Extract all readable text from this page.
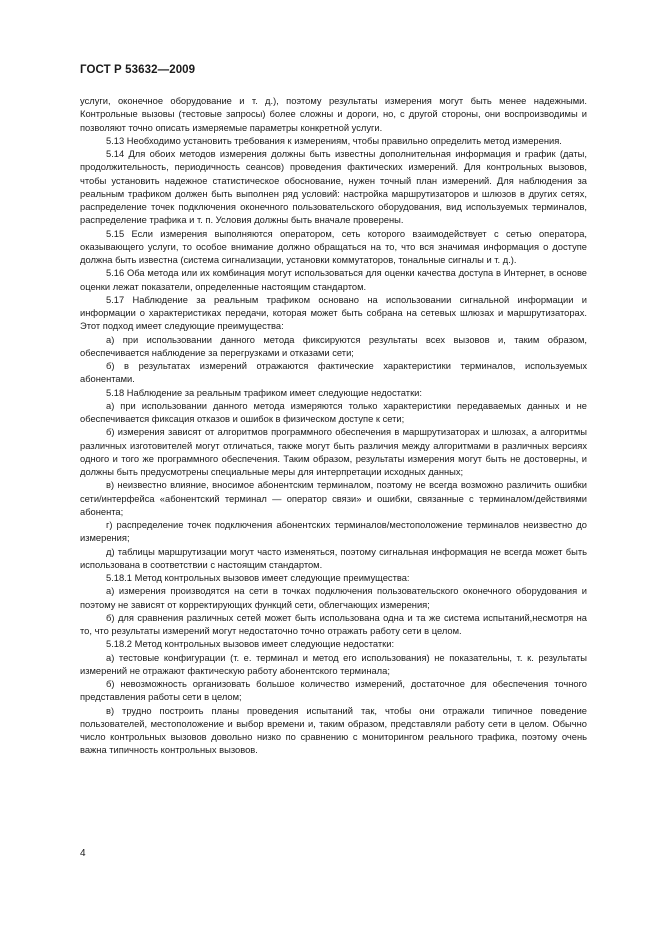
ГОСТ Р 53632—2009

услуги, оконечное оборудование и т. д.), поэтому результаты измерения могут быть менее надежными. Контрольные вызовы (тестовые запросы) более сложны и дороги, но, с другой стороны, они воспроизводимы и позволяют точно описать измеряемые параметры конкретной услуги.

5.13 Необходимо установить требования к измерениям, чтобы правильно определить метод измерения.

5.14 Для обоих методов измерения должны быть известны дополнительная информация и график (даты, продолжительность, периодичность сеансов) проведения фактических измерений. Для контрольных вызовов, чтобы установить надежное статистическое обоснование, нужен точный план измерений. Для наблюдения за реальным трафиком должен быть выполнен ряд условий: настройка маршрутизаторов и шлюзов в других сетях, распределение точек подключения оконечного пользовательского оборудования, вид используемых терминалов, распределение трафика и т. п. Условия должны быть вначале проверены.

5.15 Если измерения выполняются оператором, сеть которого взаимодействует с сетью оператора, оказывающего услуги, то особое внимание должно обращаться на то, что вся значимая информация о доступе должна быть известна (система сигнализации, установки коммутаторов, тональные сигналы и т. д.).

5.16 Оба метода или их комбинация могут использоваться для оценки качества доступа в Интернет, в основе оценки лежат показатели, определенные настоящим стандартом.

5.17 Наблюдение за реальным трафиком основано на использовании сигнальной информации и информации о характеристиках передачи, которая может быть собрана на сетевых шлюзах и маршрутизаторах. Этот подход имеет следующие преимущества:

а) при использовании данного метода фиксируются результаты всех вызовов и, таким образом, обеспечивается наблюдение за перегрузками и отказами сети;

б) в результатах измерений отражаются фактические характеристики терминалов, используемых абонентами.

5.18 Наблюдение за реальным трафиком имеет следующие недостатки:

а) при использовании данного метода измеряются только характеристики передаваемых данных и не обеспечивается фиксация отказов и ошибок в физическом доступе к сети;

б) измерения зависят от алгоритмов программного обеспечения в маршрутизаторах и шлюзах, а алгоритмы различных изготовителей могут отличаться, также могут быть различия между алгоритмами в различных версиях одного и того же программного обеспечения. Таким образом, результаты измерения могут быть не достоверны, и должны быть предусмотрены специальные меры для интерпретации исходных данных;

в) неизвестно влияние, вносимое абонентским терминалом, поэтому не всегда возможно различить ошибки сети/интерфейса «абонентский терминал — оператор связи» и ошибки, связанные с терминалом/действиями абонента;

г) распределение точек подключения абонентских терминалов/местоположение терминалов неизвестно до измерения;

д) таблицы маршрутизации могут часто изменяться, поэтому сигнальная информация не всегда может быть использована в соответствии с настоящим стандартом.

5.18.1 Метод контрольных вызовов имеет следующие преимущества:

а) измерения производятся на сети в точках подключения пользовательского оконечного оборудования и поэтому не зависят от корректирующих функций сети, облегчающих измерения;

б) для сравнения различных сетей может быть использована одна и та же система испытаний,несмотря на то, что результаты измерений могут недостаточно точно отражать работу сети в целом.

5.18.2 Метод контрольных вызовов имеет следующие недостатки:

а) тестовые конфигурации (т. е. терминал и метод его использования) не показательны, т. к. результаты измерений не отражают фактическую работу абонентского терминала;

б) невозможность организовать большое количество измерений, достаточное для обеспечения точного представления работы сети в целом;

в) трудно построить планы проведения испытаний так, чтобы они отражали типичное поведение пользователей, местоположение и выбор времени и, таким образом, представляли работу сети в целом. Обычно число контрольных вызовов довольно низко по сравнению с мониторингом реального трафика, поэтому очень важна типичность контрольных вызовов.

4
